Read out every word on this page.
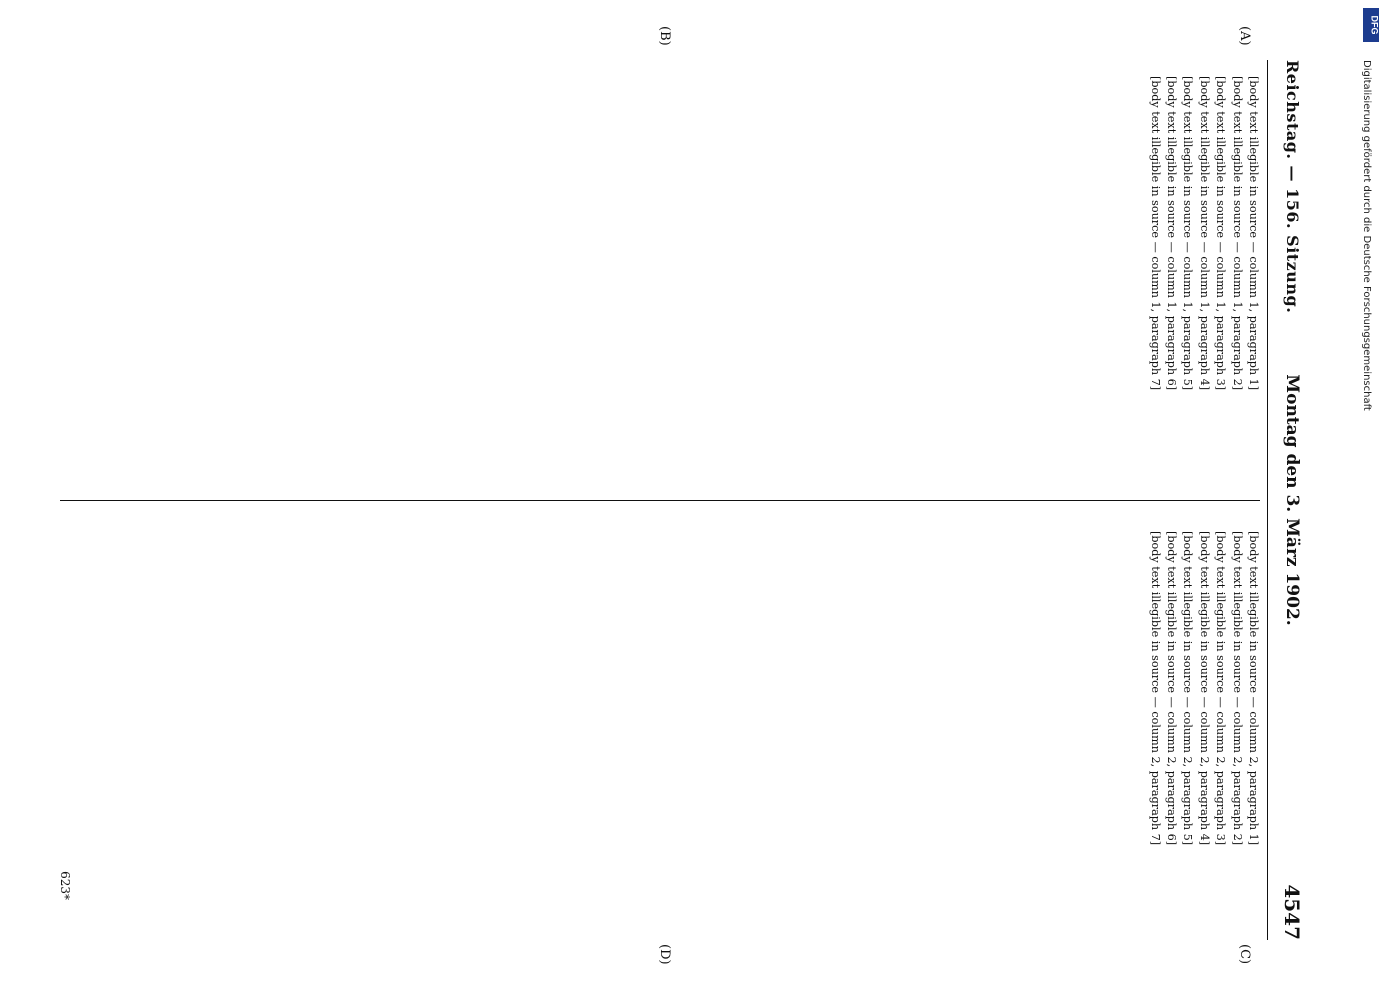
Reichstag. — 156. Sitzung.
Montag den 3. März 1902.
4547
(A)
(B)
(C)
(D)

[body text illegible in source — column 1, paragraph 1]

[body text illegible in source — column 1, paragraph 2]

[body text illegible in source — column 1, paragraph 3]

[body text illegible in source — column 1, paragraph 4]

[body text illegible in source — column 1, paragraph 5]

[body text illegible in source — column 1, paragraph 6]

[body text illegible in source — column 1, paragraph 7]

[body text illegible in source — column 2, paragraph 1]

[body text illegible in source — column 2, paragraph 2]

[body text illegible in source — column 2, paragraph 3]

[body text illegible in source — column 2, paragraph 4]

[body text illegible in source — column 2, paragraph 5]

[body text illegible in source — column 2, paragraph 6]

[body text illegible in source — column 2, paragraph 7]

623*
DFG
Digitalisierung gefördert durch die Deutsche Forschungsgemeinschaft
